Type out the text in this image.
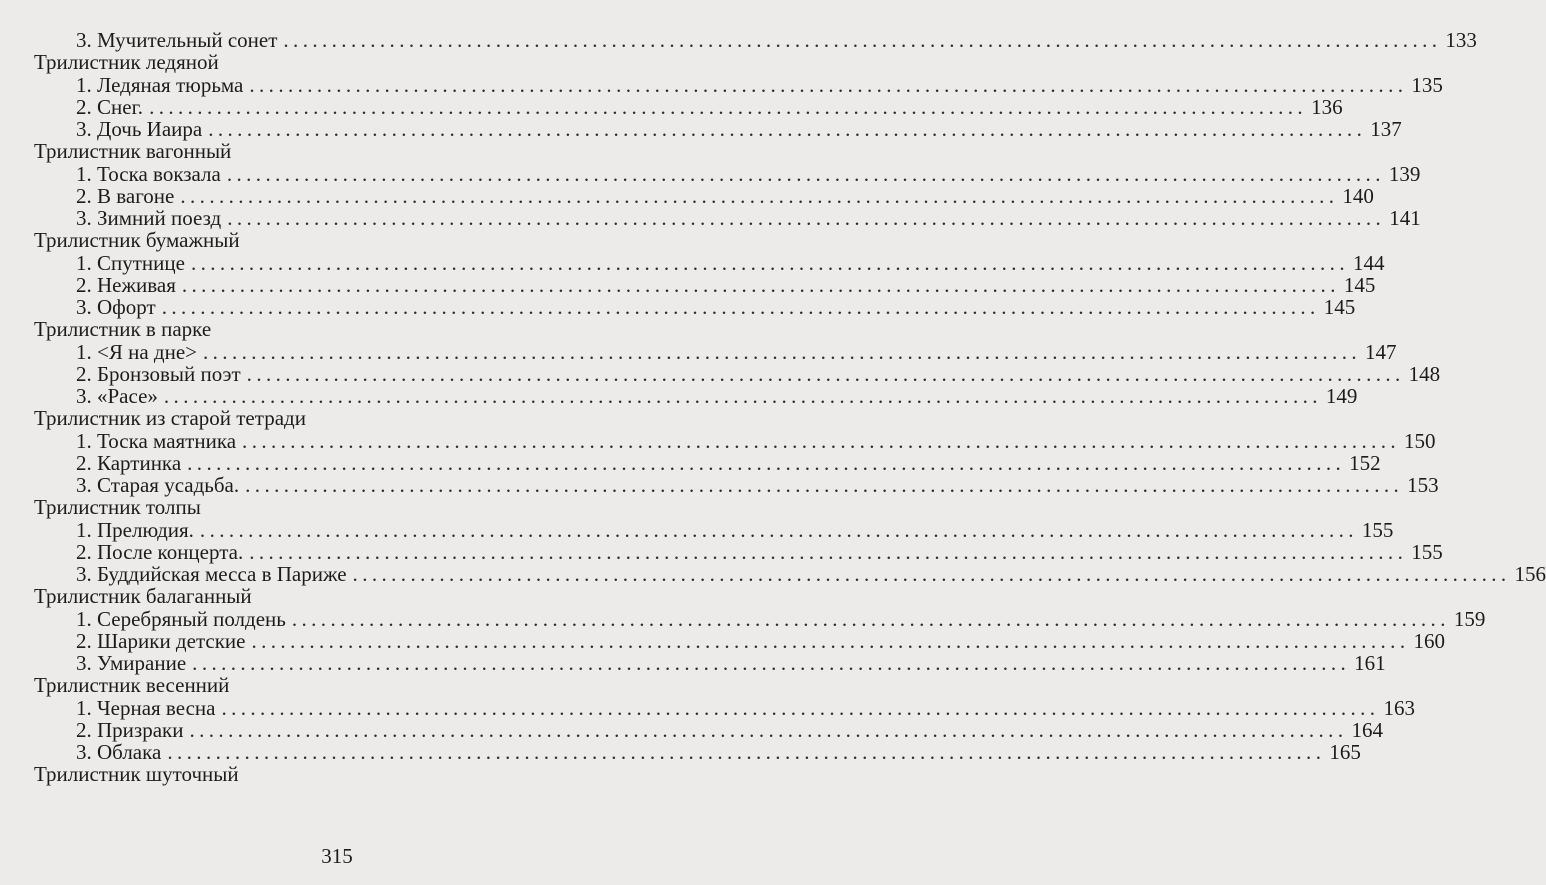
3. Мучительный сонет ........................................................................................................................ 133
Трилистник ледяной
1. Ледяная тюрьма ........................................................................................................................ 135
2. Снег. ........................................................................................................................ 136
3. Дочь Иаира ........................................................................................................................ 137
Трилистник вагонный
1. Тоска вокзала ........................................................................................................................ 139
2. В вагоне ........................................................................................................................ 140
3. Зимний поезд ........................................................................................................................ 141
Трилистник бумажный
1. Спутнице ........................................................................................................................ 144
2. Неживая ........................................................................................................................ 145
3. Офорт ........................................................................................................................ 145
Трилистник в парке
1. <Я на дне> ........................................................................................................................ 147
2. Бронзовый поэт ........................................................................................................................ 148
3. «Расе» ........................................................................................................................ 149
Трилистник из старой тетради
1. Тоска маятника ........................................................................................................................ 150
2. Картинка ........................................................................................................................ 152
3. Старая усадьба. ........................................................................................................................ 153
Трилистник толпы
1. Прелюдия. ........................................................................................................................ 155
2. После концерта. ........................................................................................................................ 155
3. Буддийская месса в Париже ........................................................................................................................ 156
Трилистник балаганный
1. Серебряный полдень ........................................................................................................................ 159
2. Шарики детские ........................................................................................................................ 160
3. Умирание ........................................................................................................................ 161
Трилистник весенний
1. Черная весна ........................................................................................................................ 163
2. Призраки ........................................................................................................................ 164
3. Облака ........................................................................................................................ 165
Трилистник шуточный
315
